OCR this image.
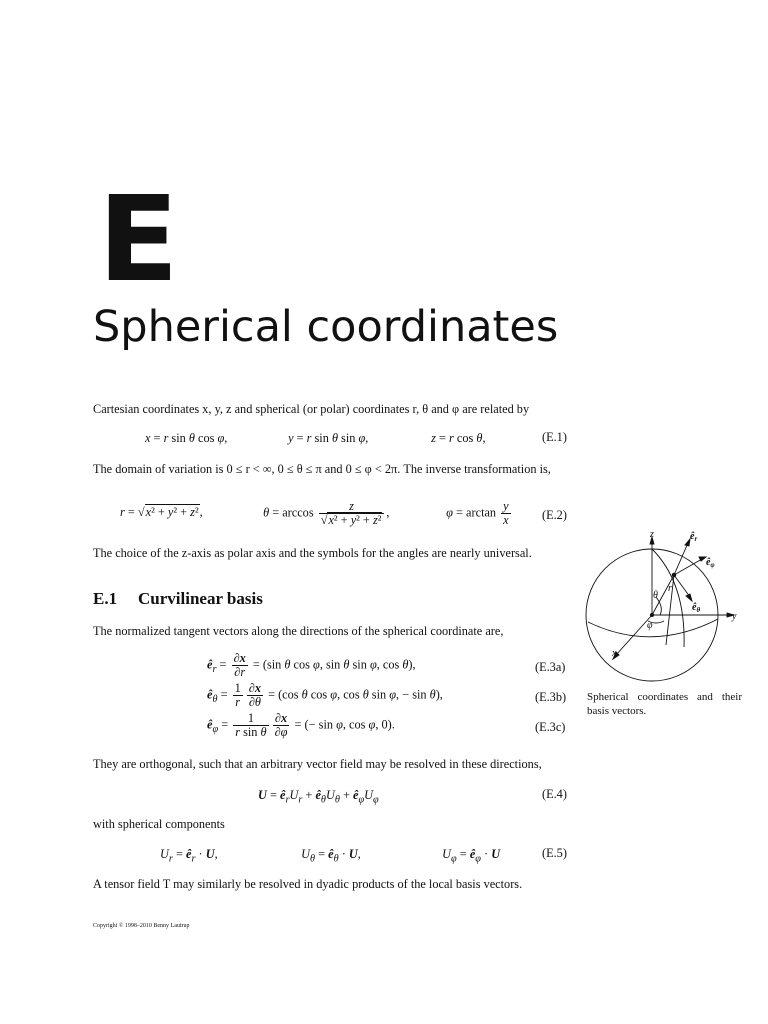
E
Spherical coordinates
Cartesian coordinates x, y, z and spherical (or polar) coordinates r, θ and φ are related by
x = r sin θ cos φ,	y = r sin θ sin φ,	z = r cos θ,	(E.1)
The domain of variation is 0 ≤ r < ∞, 0 ≤ θ ≤ π and 0 ≤ φ < 2π. The inverse transformation is,
r = √x² + y² + z²,	$\theta = \arccos \frac{z}{\text{√x² + y² + z²}}$ ,	$\varphi = \arctan \frac{y}{x}$	(E.2)
The choice of the z-axis as polar axis and the symbols for the angles are nearly universal.
E.1 Curvilinear basis
The normalized tangent vectors along the directions of the spherical coordinate are,
$ê_r = \frac{\partial x}{\partial r} = (\sin$ θ cos φ, sin θ sin φ, cos θ),	(E.3a)
$ê_\theta = \frac{1}{r} \frac{\partial x}{\partial\theta} = (\cos$ θ cos φ, cos θ sin φ, − sin θ),	(E.3b)
$ê_\varphi = \frac{1}{\text{r sin θ}} \frac{\partial x}{\partial\varphi}$ = (− sin φ, cos φ, 0).	(E.3c)
They are orthogonal, such that an arbitrary vector field may be resolved in these directions,
$U = ê_rU_r$ + $ê_\theta U_\theta$ + $ê_\varphi U_\varphi$	(E.4)
with spherical components
$U_r$ = $ê_r \cdot U$,	$U_\theta$ = $ê_\theta \cdot U$,	$U_\varphi$ = $ê_\varphi \cdot U$	(E.5)
A tensor field T may similarly be resolved in dyadic products of the local basis vectors.
z
y
x
r
θ
φ
$ê_r$
$ê_\varphi$
$ê_\theta$
Spherical coordinates and their basis vectors.
Copyright © 1998–2010 Benny Lautrup
